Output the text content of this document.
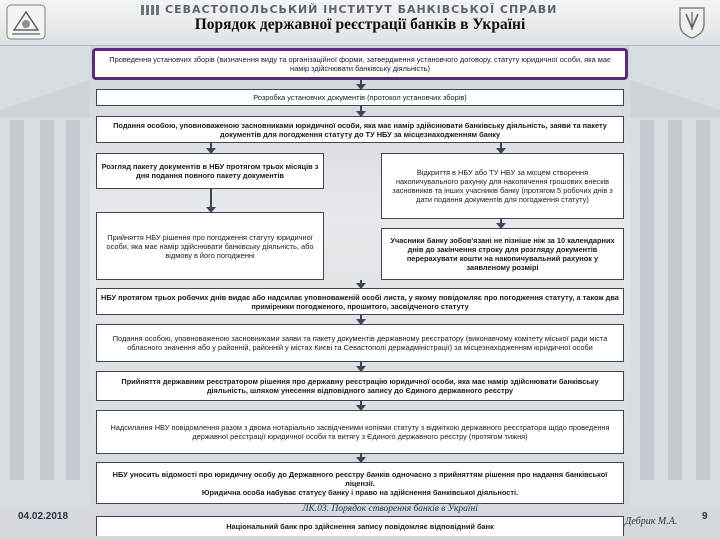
СЕВАСТОПОЛЬСЬКИЙ ІНСТИТУТ БАНКІВСЬКОЇ СПРАВИ
Порядок державної реєстрації банків в Україні
Проведення установчих зборів (визначення виду та організаційної форми, затвердження установчого договору, статуту юридичної особи, яка має намір здійснювати банківську діяльність)
Розробка установчих документів (протокол установчих зборів)
Подання особою, уповноваженою засновниками юридичної особи, яка має намір здійснювати банківську діяльність, заяви та пакету документів для погодження статуту до ТУ НБУ за місцезнаходженням банку
Розгляд пакету документів в НБУ протягом трьох місяців з дня подання повного пакету документів	Відкриття в НБУ або ТУ НБУ за місцем створення накопичувального рахунку для накопичення грошових внесків засновників та інших учасників банку (протягом 5 робочих днів з дати подання документів для погодження статуту)
Прийняття НБУ рішення про погодження статуту юридичної особи, яка має намір здійснювати банківську діяльність, або відмову в його погодженні
Учасники банку зобов'язані не пізніше ніж за 10 календарних днів до закінчення строку для розгляду документів перерахувати кошти на накопичувальний рахунок у заявленому розмірі
НБУ протягом трьох робочих днів видає або надсилає уповноваженій особі листа, у якому повідомляє про погодження статуту, а також два примірники погодженого, прошитого, засвідченого статуту
Подання особою, уповноваженою засновниками заяви та пакету документів державному реєстратору (виконавчому комітету міської ради міста обласного значення або у районній, районній у містах Києві та Севастополі держадміністрації) за місцезнаходженням юридичної особи
Прийняття державним реєстратором рішення про державну реєстрацію юридичної особи, яка має намір здійснювати банківську діяльність, шляхом унесення відповідного запису до Єдиного державного реєстру
Надсилання НБУ повідомлення разом з двома нотаріально засвідченими копіями статуту з відміткою державного реєстратора щодо проведення державної реєстрації юридичної особи та витягу з Єдиного державного реєстру (протягом тижня)
НБУ уносить відомості про юридичну особу до Державного реєстру банків одночасно з прийняттям рішення про надання банківської ліцензії.
Юридична особа набуває статусу банку і право на здійснення банківської діяльності.
Національний банк про здійснення запису повідомляє відповідний банк
04.02.2018
ЛК.03. Порядок створення банків в Україні
Дебрик М.А. 9
